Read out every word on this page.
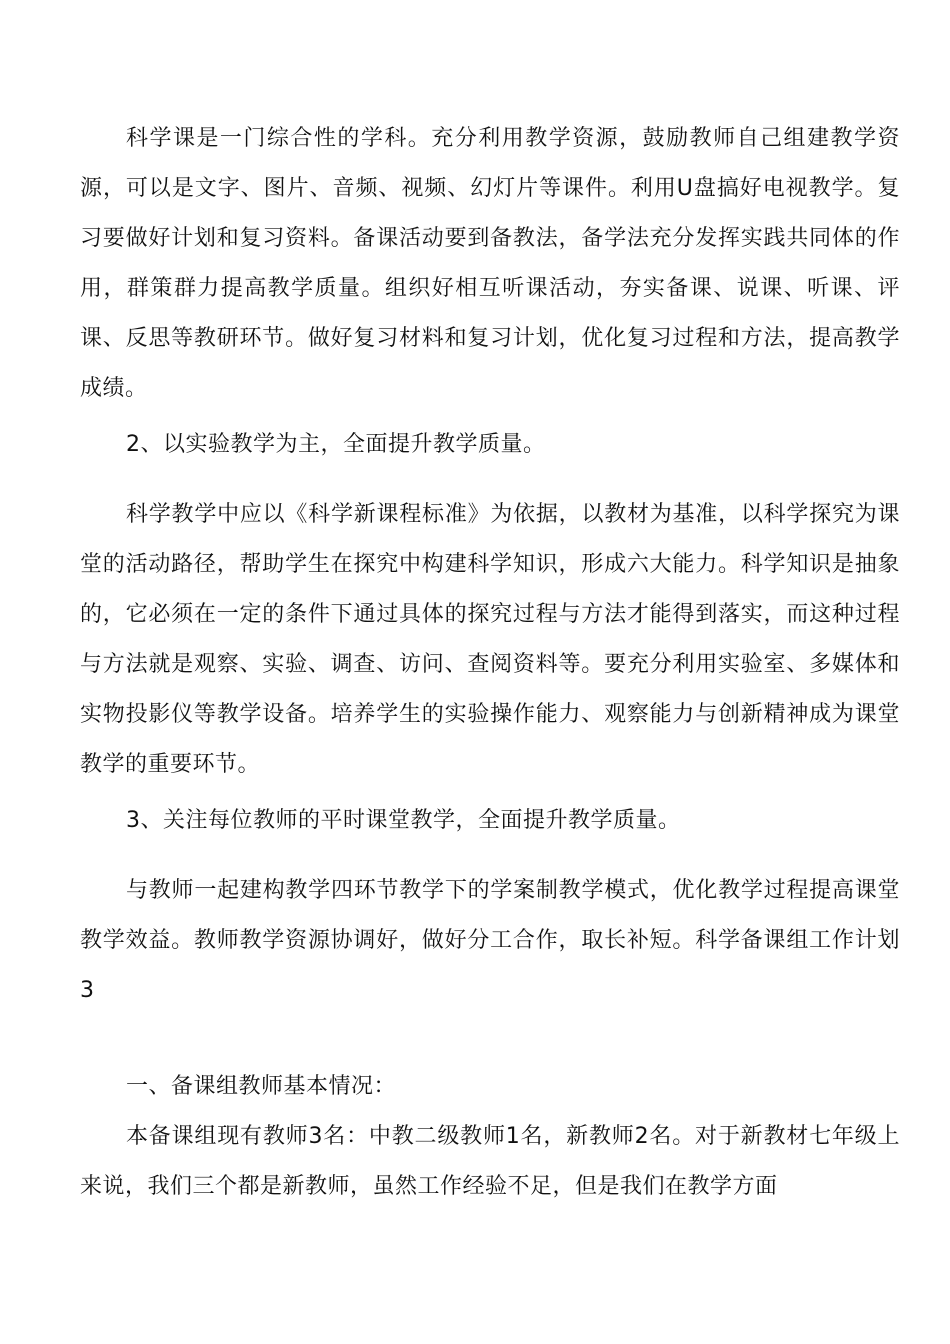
科学课是一门综合性的学科。充分利用教学资源，鼓励教师自己组建教学资源，可以是文字、图片、音频、视频、幻灯片等课件。利用U盘搞好电视教学。复习要做好计划和复习资料。备课活动要到备教法，备学法充分发挥实践共同体的作用，群策群力提高教学质量。组织好相互听课活动，夯实备课、说课、听课、评课、反思等教研环节。做好复习材料和复习计划，优化复习过程和方法，提高教学成绩。

2、以实验教学为主，全面提升教学质量。

科学教学中应以《科学新课程标准》为依据，以教材为基准，以科学探究为课堂的活动路径，帮助学生在探究中构建科学知识，形成六大能力。科学知识是抽象的，它必须在一定的条件下通过具体的探究过程与方法才能得到落实，而这种过程与方法就是观察、实验、调查、访问、查阅资料等。要充分利用实验室、多媒体和实物投影仪等教学设备。培养学生的实验操作能力、观察能力与创新精神成为课堂教学的重要环节。

3、关注每位教师的平时课堂教学，全面提升教学质量。

与教师一起建构教学四环节教学下的学案制教学模式，优化教学过程提高课堂教学效益。教师教学资源协调好，做好分工合作，取长补短。科学备课组工作计划3

一、备课组教师基本情况：

本备课组现有教师3名：中教二级教师1名，新教师2名。对于新教材七年级上来说，我们三个都是新教师，虽然工作经验不足，但是我们在教学方面
